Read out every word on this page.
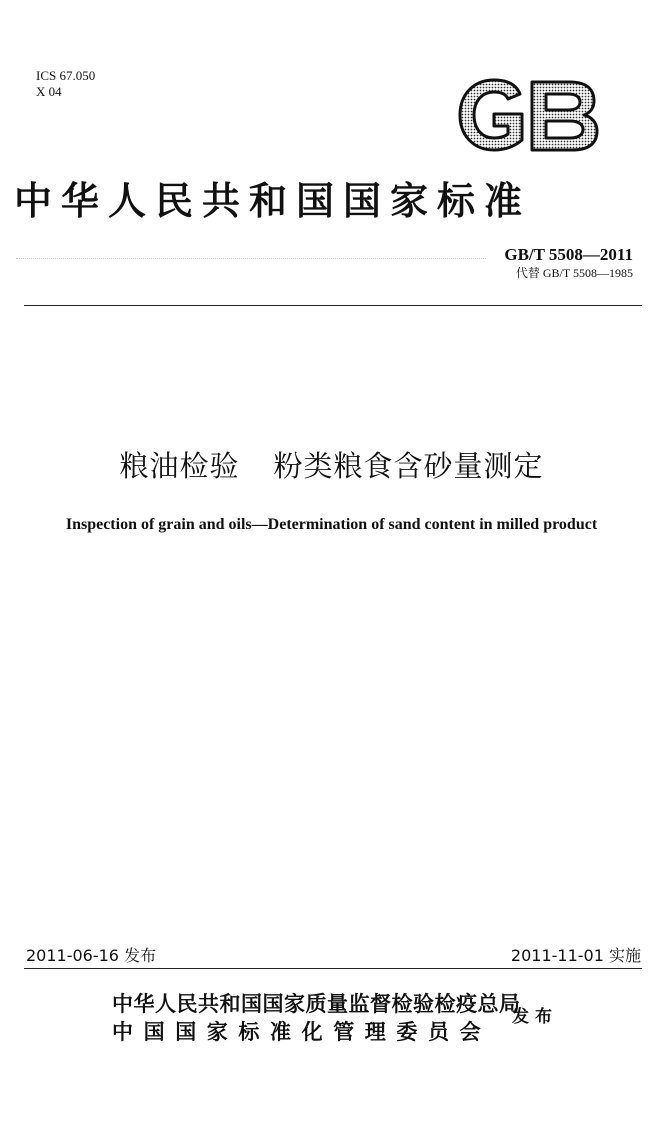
ICS 67.050
X 04
中华人民共和国国家标准
GB/T 5508—2011
代替 GB/T 5508—1985
粮油检验 粉类粮食含砂量测定
Inspection of grain and oils—Determination of sand content in milled product
2011-06-16 发布	2011-11-01 实施
中华人民共和国国家质量监督检验检疫总局
中国国家标准化管理委员会
发布
